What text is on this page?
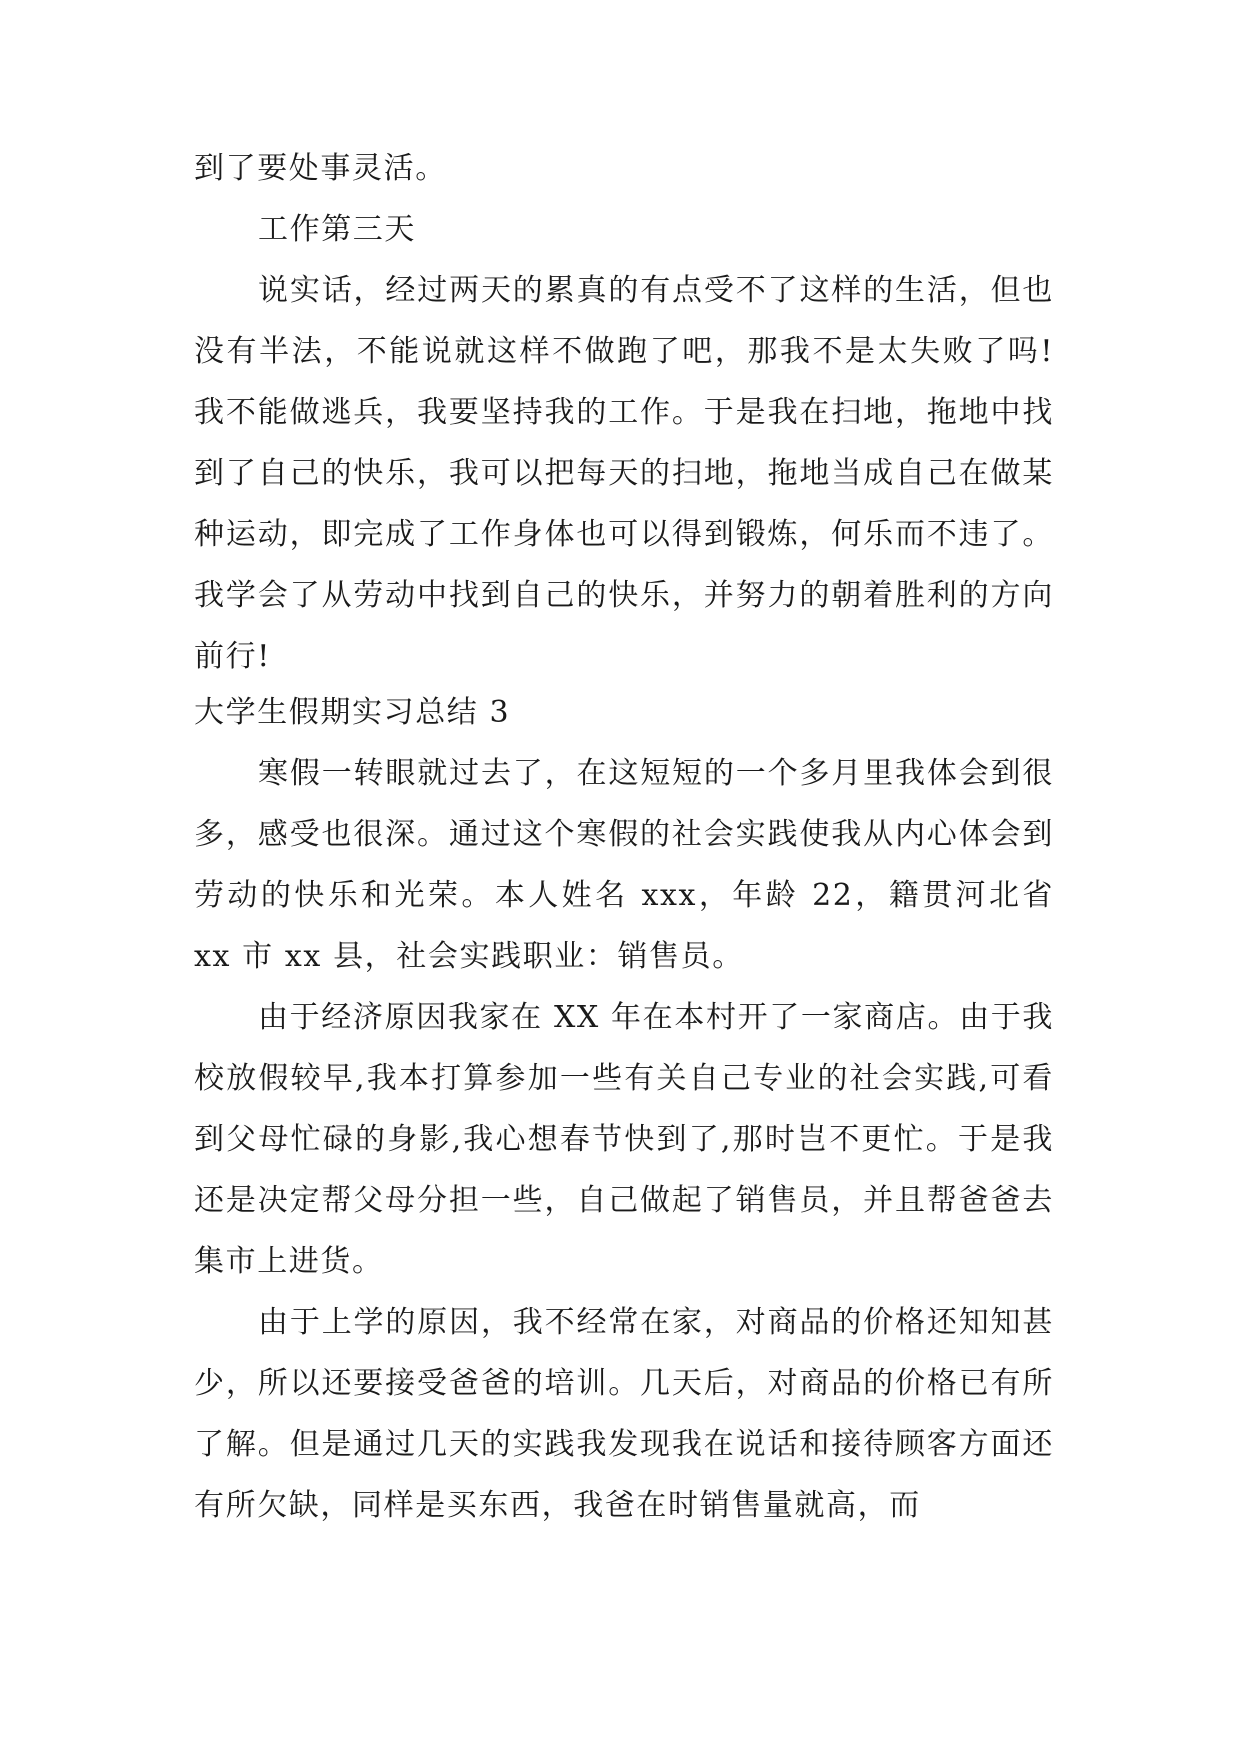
到了要处事灵活。

工作第三天

说实话，经过两天的累真的有点受不了这样的生活，但也没有半法，不能说就这样不做跑了吧，那我不是太失败了吗!我不能做逃兵，我要坚持我的工作。于是我在扫地，拖地中找到了自己的快乐，我可以把每天的扫地，拖地当成自己在做某种运动，即完成了工作身体也可以得到锻炼，何乐而不违了。我学会了从劳动中找到自己的快乐，并努力的朝着胜利的方向前行!

大学生假期实习总结 3

寒假一转眼就过去了，在这短短的一个多月里我体会到很多，感受也很深。通过这个寒假的社会实践使我从内心体会到劳动的快乐和光荣。本人姓名 xxx，年龄 22，籍贯河北省 xx 市 xx 县，社会实践职业：销售员。

由于经济原因我家在 XX 年在本村开了一家商店。由于我校放假较早,我本打算参加一些有关自己专业的社会实践,可看到父母忙碌的身影,我心想春节快到了,那时岂不更忙。于是我还是决定帮父母分担一些，自己做起了销售员，并且帮爸爸去集市上进货。

由于上学的原因，我不经常在家，对商品的价格还知知甚少，所以还要接受爸爸的培训。几天后，对商品的价格已有所了解。但是通过几天的实践我发现我在说话和接待顾客方面还有所欠缺，同样是买东西，我爸在时销售量就高，而
